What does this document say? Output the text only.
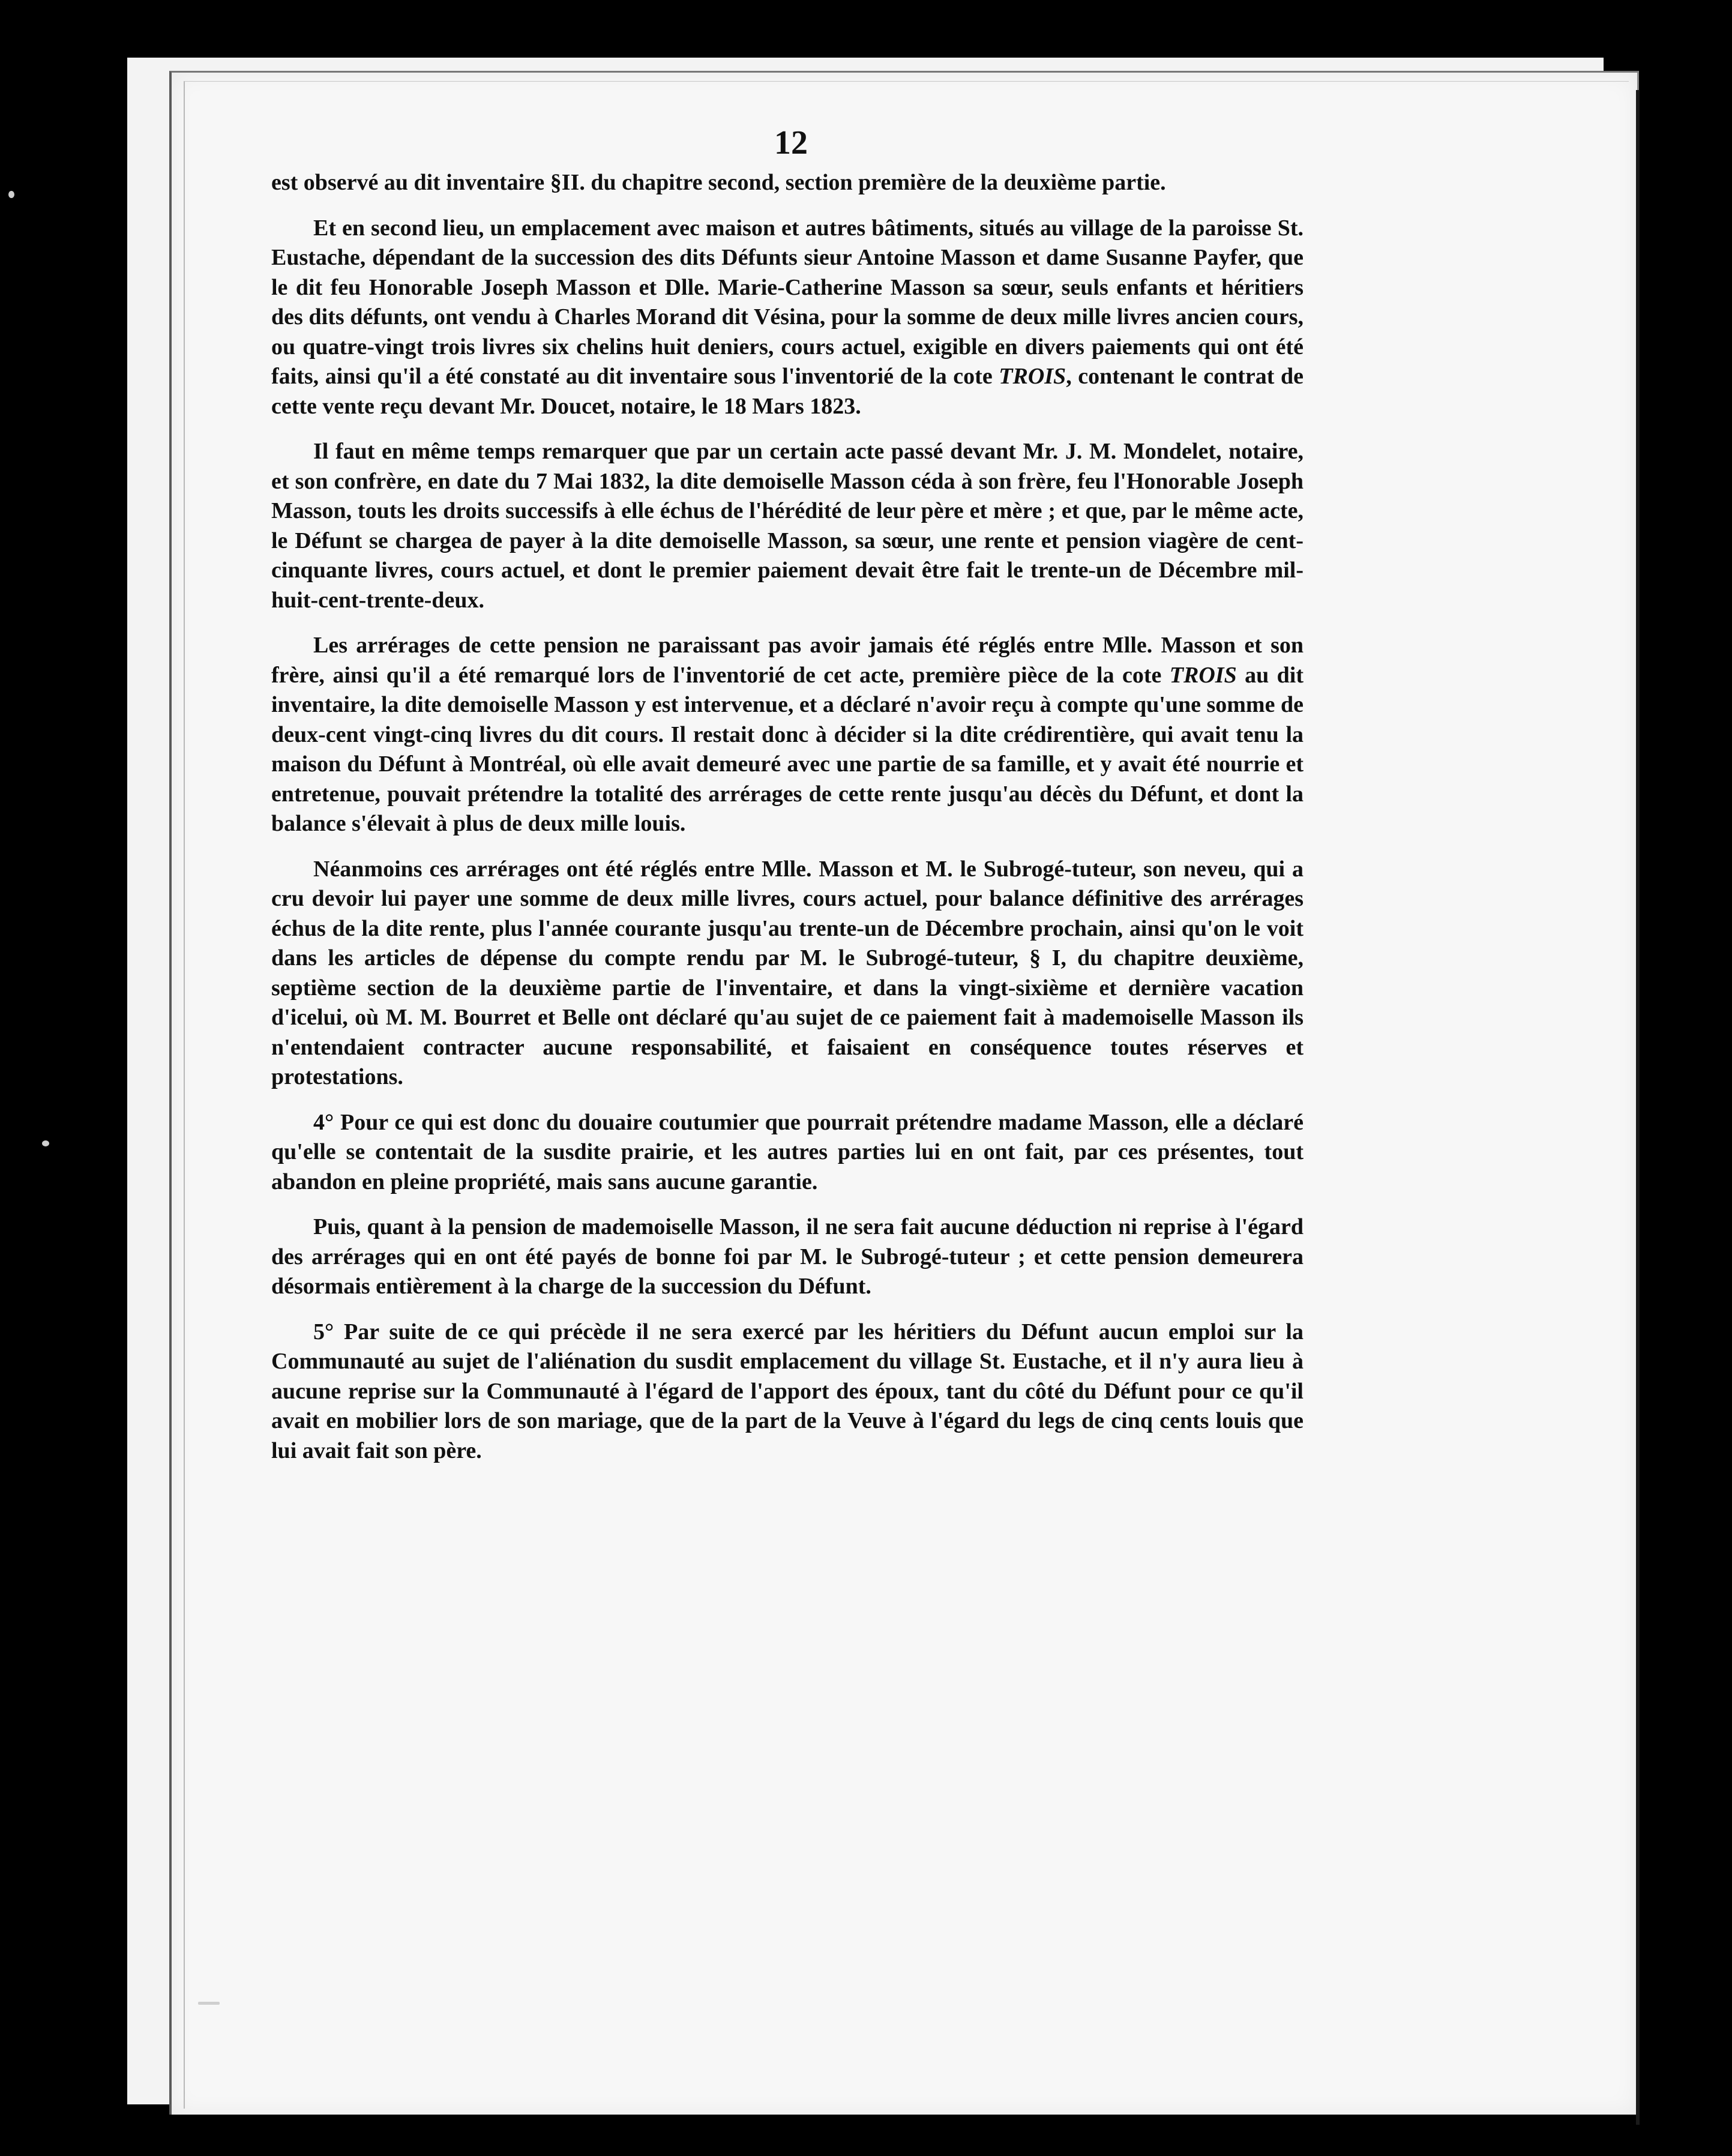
12

est observé au dit inventaire §II. du chapitre second, section première de la deuxième partie.

Et en second lieu, un emplacement avec maison et autres bâtiments, situés au village de la paroisse St. Eustache, dépendant de la succession des dits Défunts sieur Antoine Masson et dame Susanne Payfer, que le dit feu Honorable Joseph Masson et Dlle. Marie-Catherine Masson sa sœur, seuls enfants et héritiers des dits défunts, ont vendu à Charles Morand dit Vésina, pour la somme de deux mille livres ancien cours, ou quatre-vingt trois livres six chelins huit deniers, cours actuel, exigible en divers paiements qui ont été faits, ainsi qu'il a été constaté au dit inventaire sous l'inventorié de la cote TROIS, contenant le contrat de cette vente reçu devant Mr. Doucet, notaire, le 18 Mars 1823.

Il faut en même temps remarquer que par un certain acte passé devant Mr. J. M. Mondelet, notaire, et son confrère, en date du 7 Mai 1832, la dite demoiselle Masson céda à son frère, feu l'Honorable Joseph Masson, touts les droits successifs à elle échus de l'hérédité de leur père et mère ; et que, par le même acte, le Défunt se chargea de payer à la dite demoiselle Masson, sa sœur, une rente et pension viagère de cent-cinquante livres, cours actuel, et dont le premier paiement devait être fait le trente-un de Décembre mil-huit-cent-trente-deux.

Les arrérages de cette pension ne paraissant pas avoir jamais été réglés entre Mlle. Masson et son frère, ainsi qu'il a été remarqué lors de l'inventorié de cet acte, première pièce de la cote TROIS au dit inventaire, la dite demoiselle Masson y est intervenue, et a déclaré n'avoir reçu à compte qu'une somme de deux-cent vingt-cinq livres du dit cours. Il restait donc à décider si la dite crédirentière, qui avait tenu la maison du Défunt à Montréal, où elle avait demeuré avec une partie de sa famille, et y avait été nourrie et entretenue, pouvait prétendre la totalité des arrérages de cette rente jusqu'au décès du Défunt, et dont la balance s'élevait à plus de deux mille louis.

Néanmoins ces arrérages ont été réglés entre Mlle. Masson et M. le Subrogé-tuteur, son neveu, qui a cru devoir lui payer une somme de deux mille livres, cours actuel, pour balance définitive des arrérages échus de la dite rente, plus l'année courante jusqu'au trente-un de Décembre prochain, ainsi qu'on le voit dans les articles de dépense du compte rendu par M. le Subrogé-tuteur, § I, du chapitre deuxième, septième section de la deuxième partie de l'inventaire, et dans la vingt-sixième et dernière vacation d'icelui, où M. M. Bourret et Belle ont déclaré qu'au sujet de ce paiement fait à mademoiselle Masson ils n'entendaient contracter aucune responsabilité, et faisaient en conséquence toutes réserves et protestations.

4° Pour ce qui est donc du douaire coutumier que pourrait prétendre madame Masson, elle a déclaré qu'elle se contentait de la susdite prairie, et les autres parties lui en ont fait, par ces présentes, tout abandon en pleine propriété, mais sans aucune garantie.

Puis, quant à la pension de mademoiselle Masson, il ne sera fait aucune déduction ni reprise à l'égard des arrérages qui en ont été payés de bonne foi par M. le Subrogé-tuteur ; et cette pension demeurera désormais entièrement à la charge de la succession du Défunt.

5° Par suite de ce qui précède il ne sera exercé par les héritiers du Défunt aucun emploi sur la Communauté au sujet de l'aliénation du susdit emplacement du village St. Eustache, et il n'y aura lieu à aucune reprise sur la Communauté à l'égard de l'apport des époux, tant du côté du Défunt pour ce qu'il avait en mobilier lors de son mariage, que de la part de la Veuve à l'égard du legs de cinq cents louis que lui avait fait son père.
